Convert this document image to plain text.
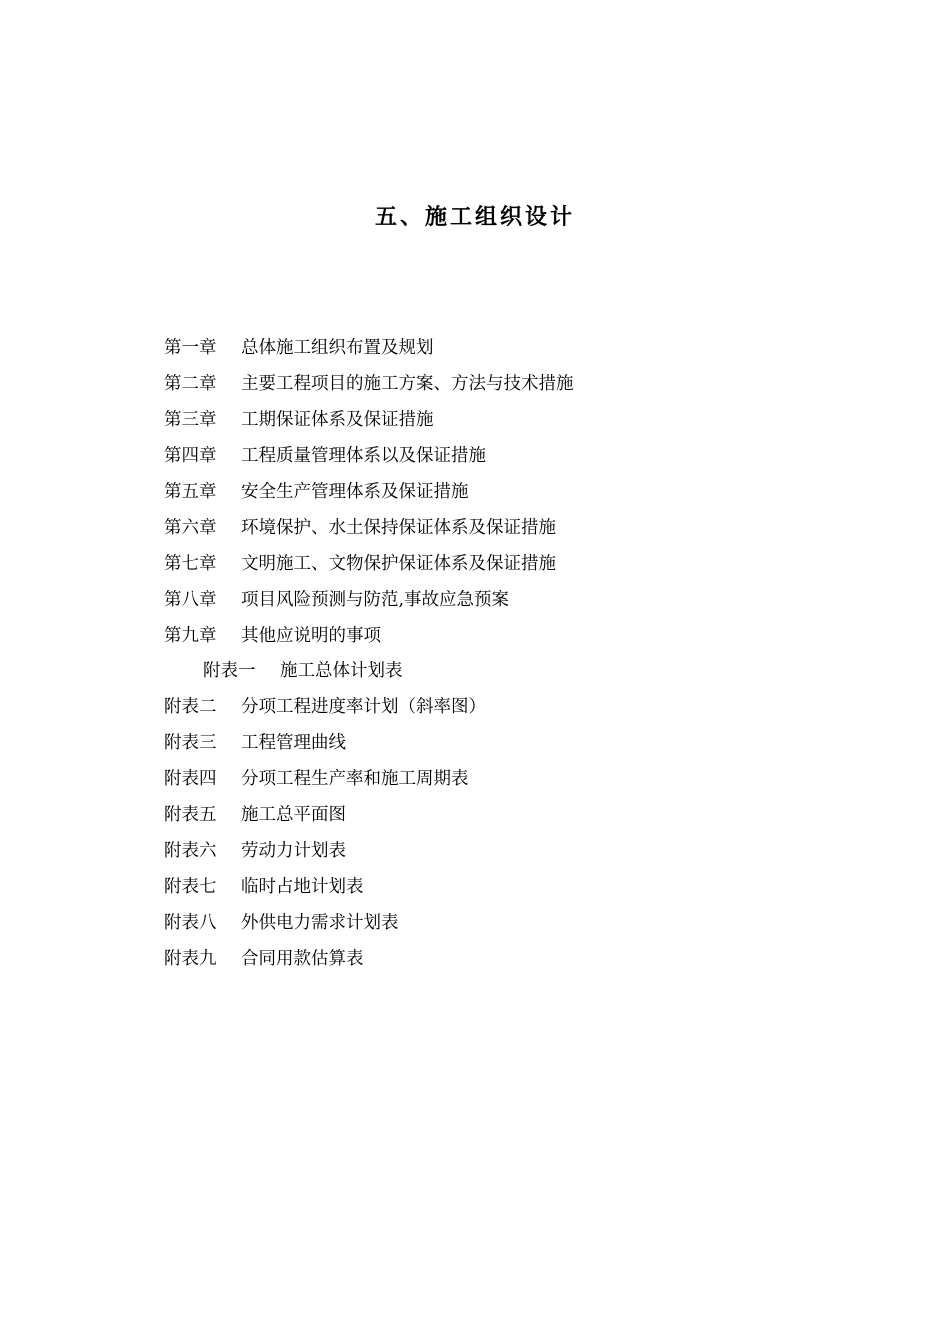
五、施工组织设计
第一章	总体施工组织布置及规划
第二章	主要工程项目的施工方案、方法与技术措施
第三章	工期保证体系及保证措施
第四章	工程质量管理体系以及保证措施
第五章	安全生产管理体系及保证措施
第六章	环境保护、水土保持保证体系及保证措施
第七章	文明施工、文物保护保证体系及保证措施
第八章	项目风险预测与防范,事故应急预案
第九章	其他应说明的事项
附表一	施工总体计划表
附表二	分项工程进度率计划（斜率图）
附表三	工程管理曲线
附表四	分项工程生产率和施工周期表
附表五	施工总平面图
附表六	劳动力计划表
附表七	临时占地计划表
附表八	外供电力需求计划表
附表九	合同用款估算表
